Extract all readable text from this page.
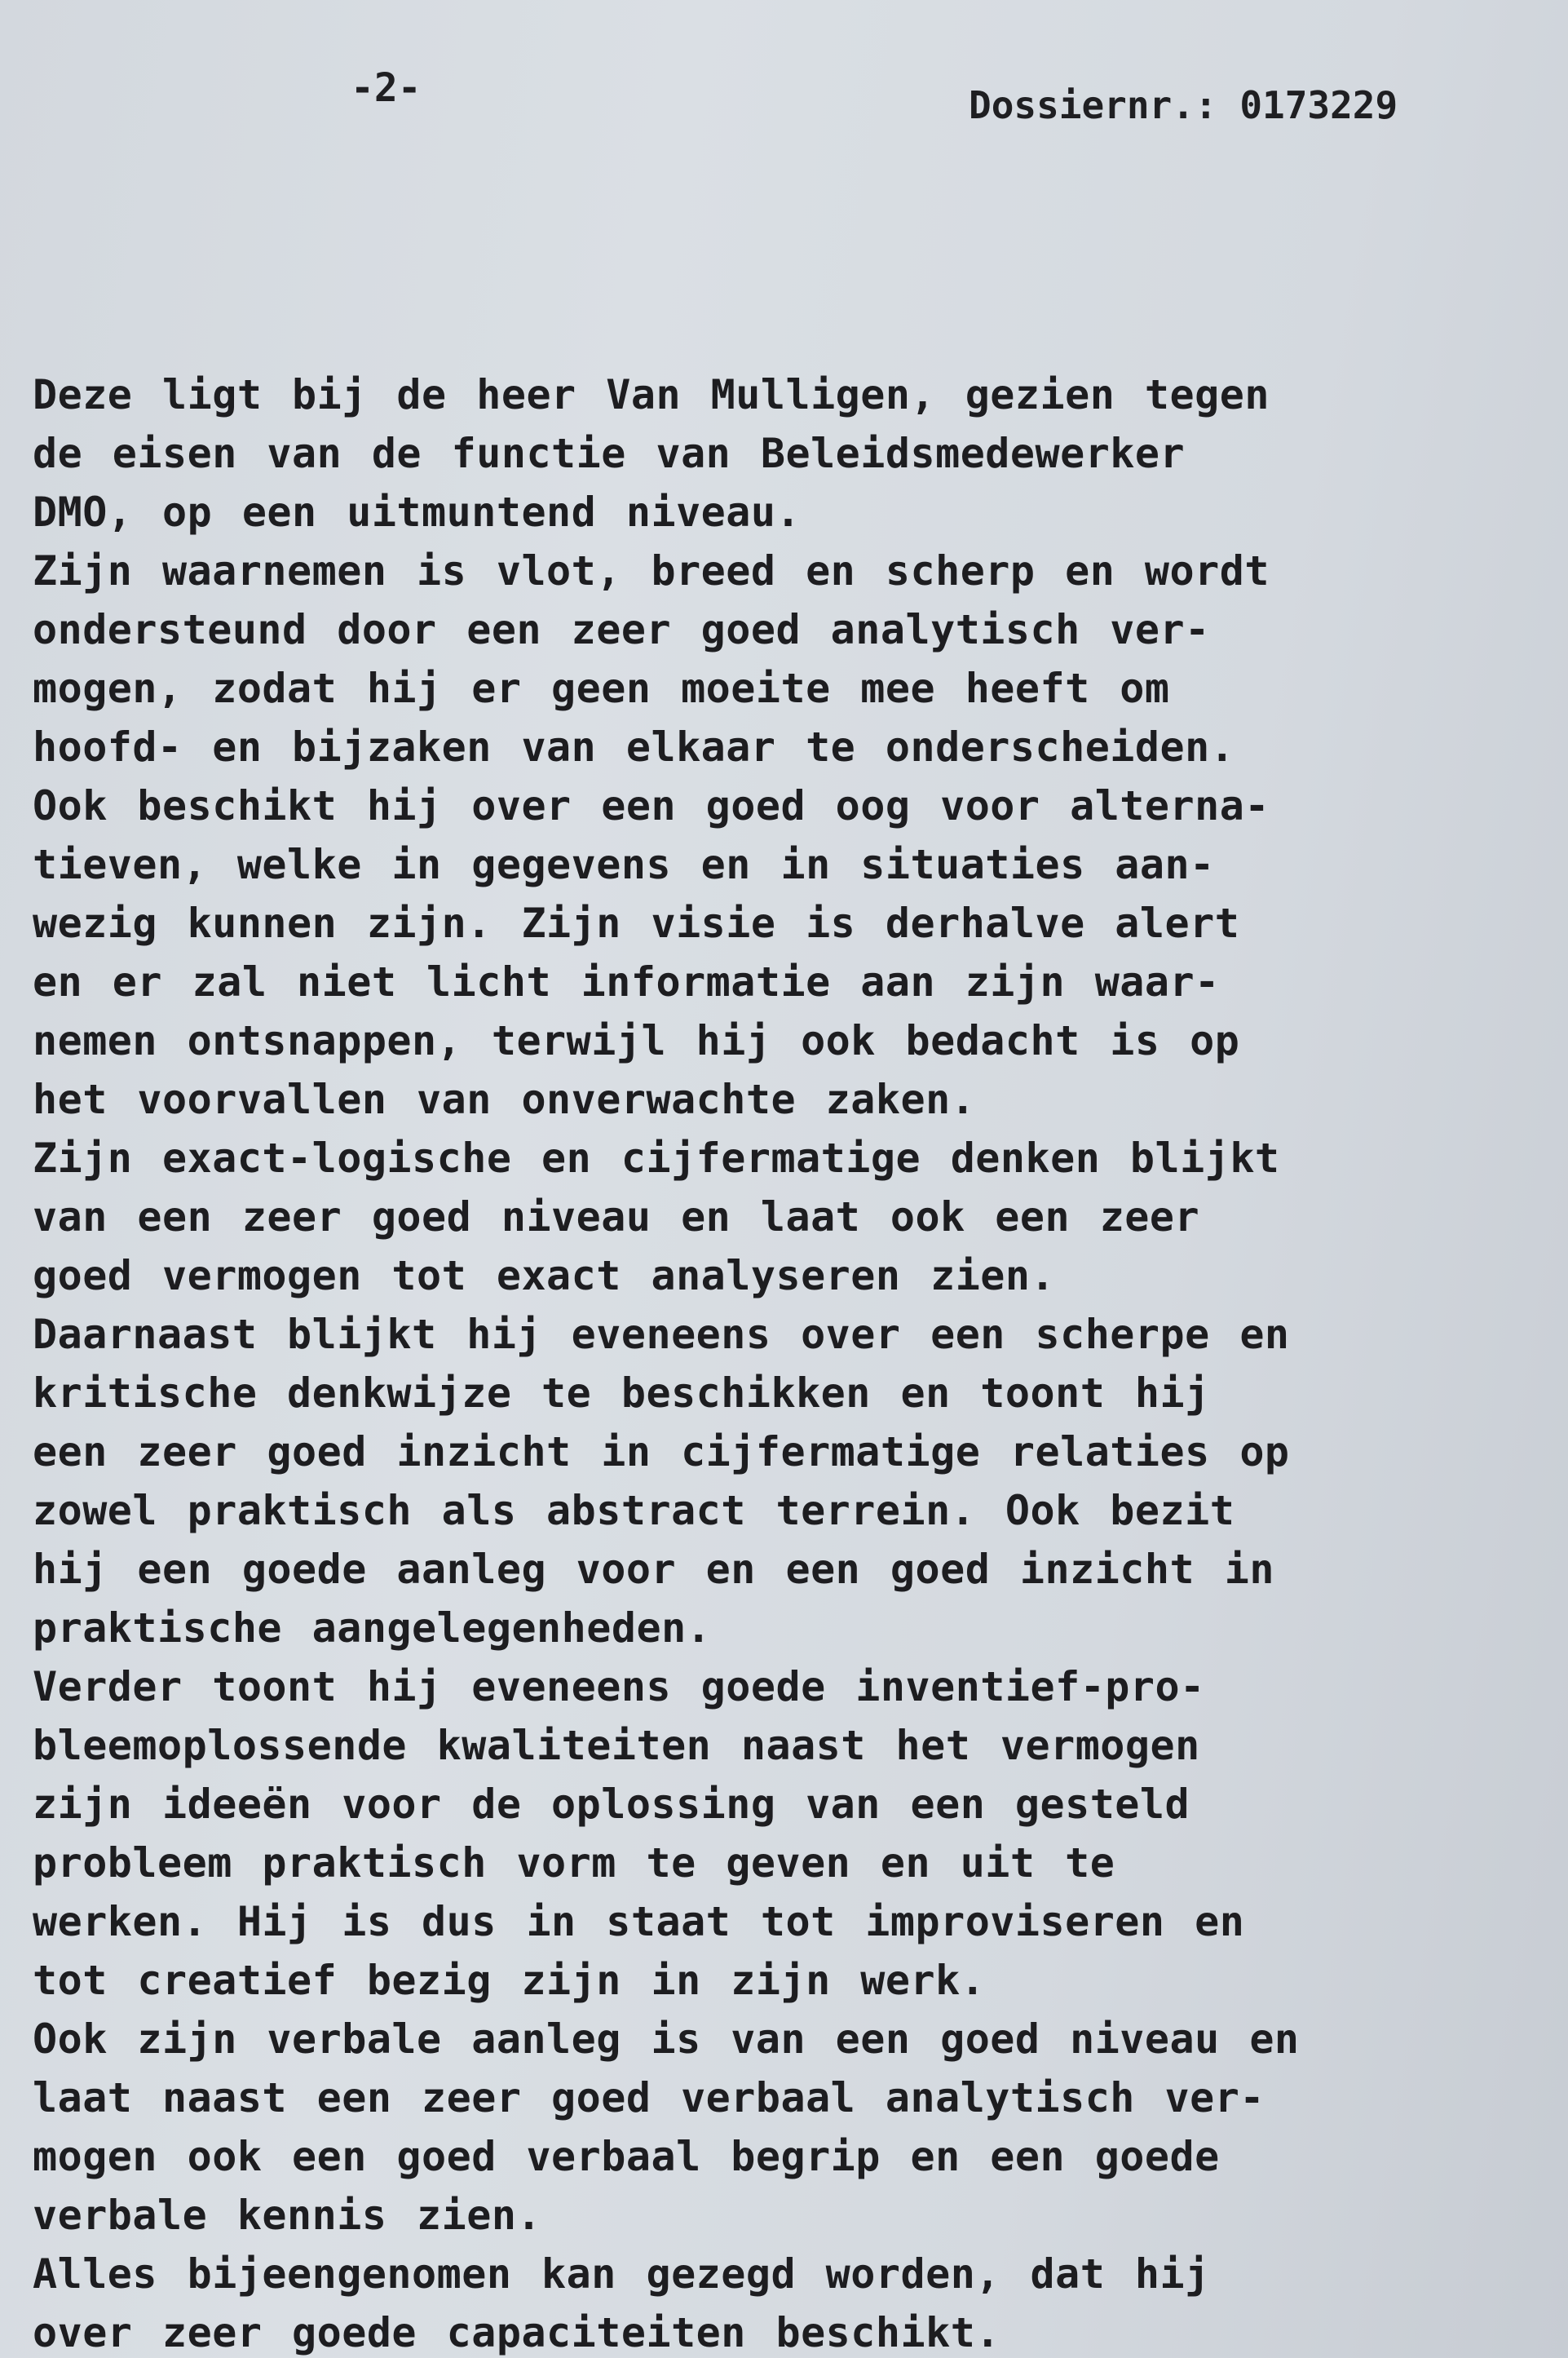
-2-	Dossiernr.: 0173229
Deze ligt bij de heer Van Mulligen, gezien tegen
de eisen van de functie van Beleidsmedewerker
DMO, op een uitmuntend niveau.
Zijn waarnemen is vlot, breed en scherp en wordt
ondersteund door een zeer goed analytisch ver-
mogen, zodat hij er geen moeite mee heeft om
hoofd- en bijzaken van elkaar te onderscheiden.
Ook beschikt hij over een goed oog voor alterna-
tieven, welke in gegevens en in situaties aan-
wezig kunnen zijn. Zijn visie is derhalve alert
en er zal niet licht informatie aan zijn waar-
nemen ontsnappen, terwijl hij ook bedacht is op
het voorvallen van onverwachte zaken.
Zijn exact-logische en cijfermatige denken blijkt
van een zeer goed niveau en laat ook een zeer
goed vermogen tot exact analyseren zien.
Daarnaast blijkt hij eveneens over een scherpe en
kritische denkwijze te beschikken en toont hij
een zeer goed inzicht in cijfermatige relaties op
zowel praktisch als abstract terrein. Ook bezit
hij een goede aanleg voor en een goed inzicht in
praktische aangelegenheden.
Verder toont hij eveneens goede inventief-pro-
bleemoplossende kwaliteiten naast het vermogen
zijn ideeën voor de oplossing van een gesteld
probleem praktisch vorm te geven en uit te
werken. Hij is dus in staat tot improviseren en
tot creatief bezig zijn in zijn werk.
Ook zijn verbale aanleg is van een goed niveau en
laat naast een zeer goed verbaal analytisch ver-
mogen ook een goed verbaal begrip en een goede
verbale kennis zien.
Alles bijeengenomen kan gezegd worden, dat hij
over zeer goede capaciteiten beschikt.
